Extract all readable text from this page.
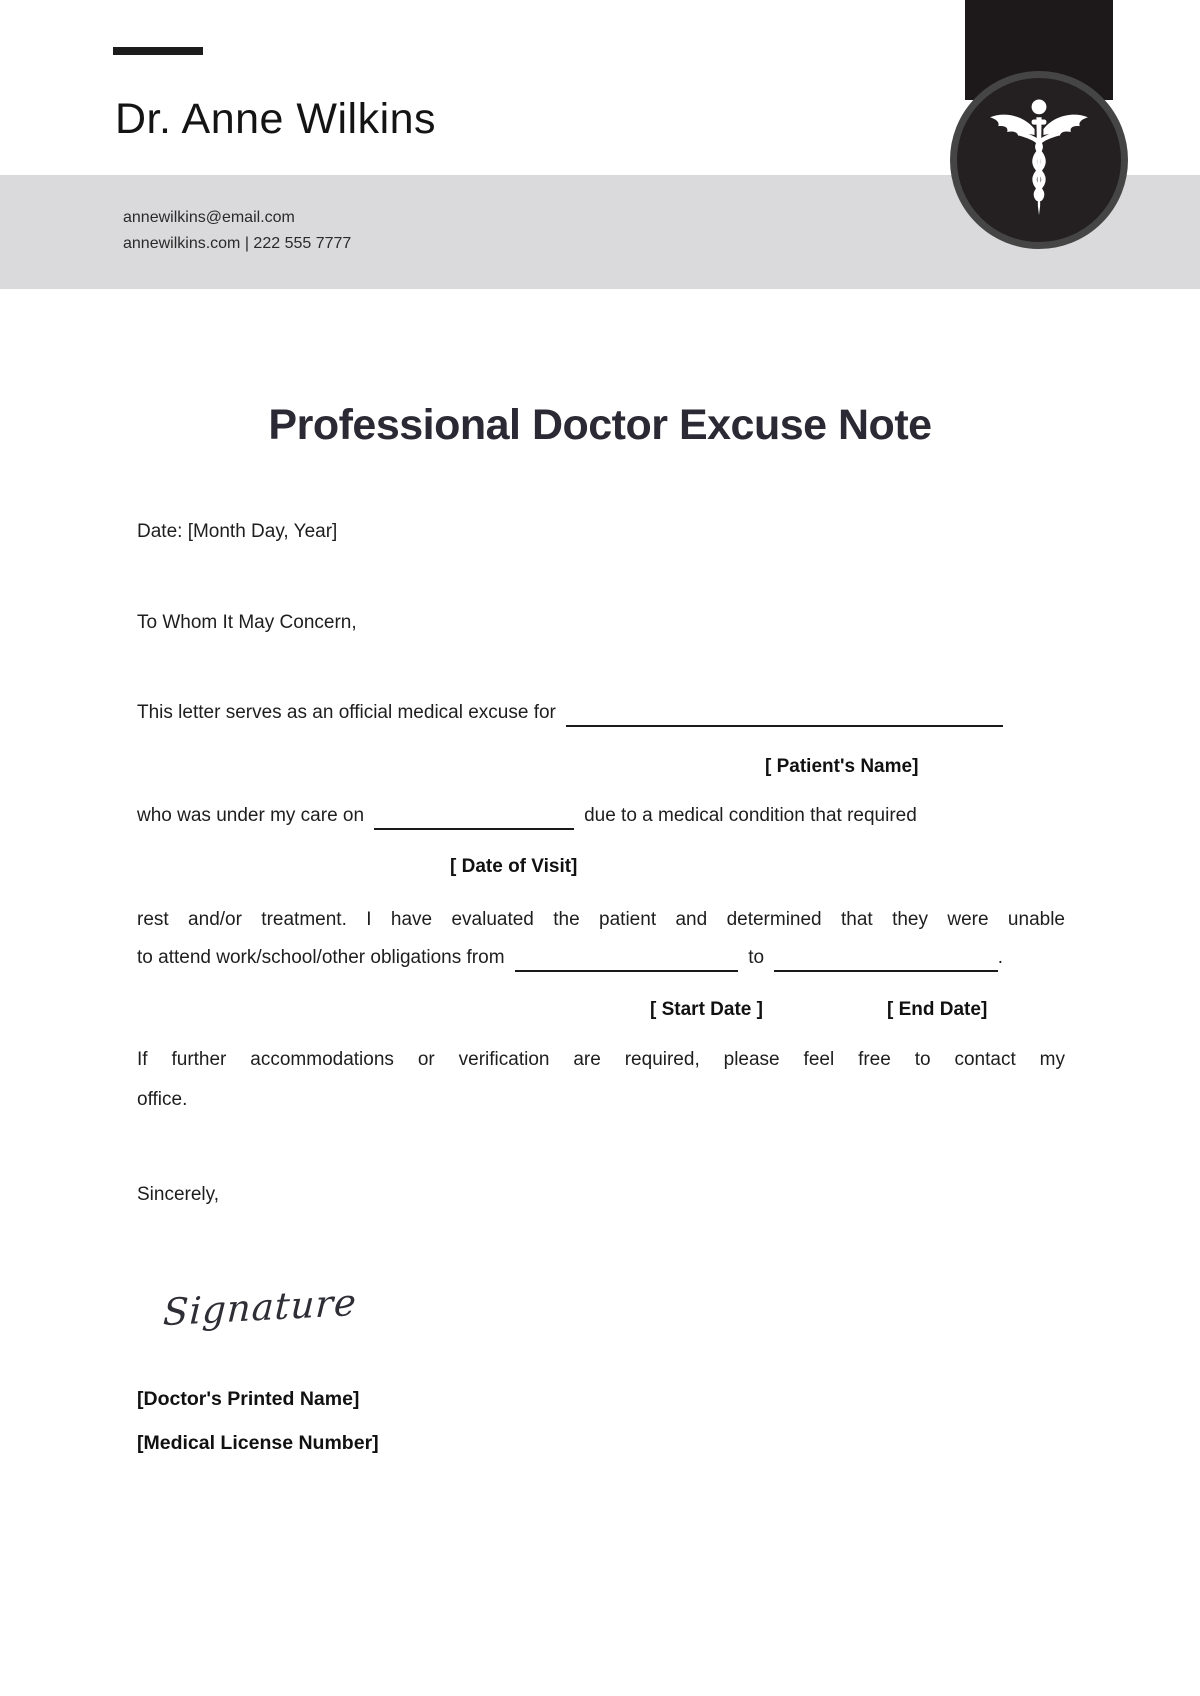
Dr. Anne Wilkins
annewilkins@email.com
annewilkins.com | 222 555 7777
Professional Doctor Excuse Note
Date: [Month Day, Year]
To Whom It May Concern,
This letter serves as an official medical excuse for
[ Patient's Name]
who was under my care on	due to a medical condition that required
[ Date of Visit]
rest and/or treatment. I have evaluated the patient and determined that they were unable
to attend work/school/other obligations from	to	.
[ Start Date ]	[ End Date]
If further accommodations or verification are required, please feel free to contact my
office.
Sincerely,
Signature
[Doctor's Printed Name]
[Medical License Number]
